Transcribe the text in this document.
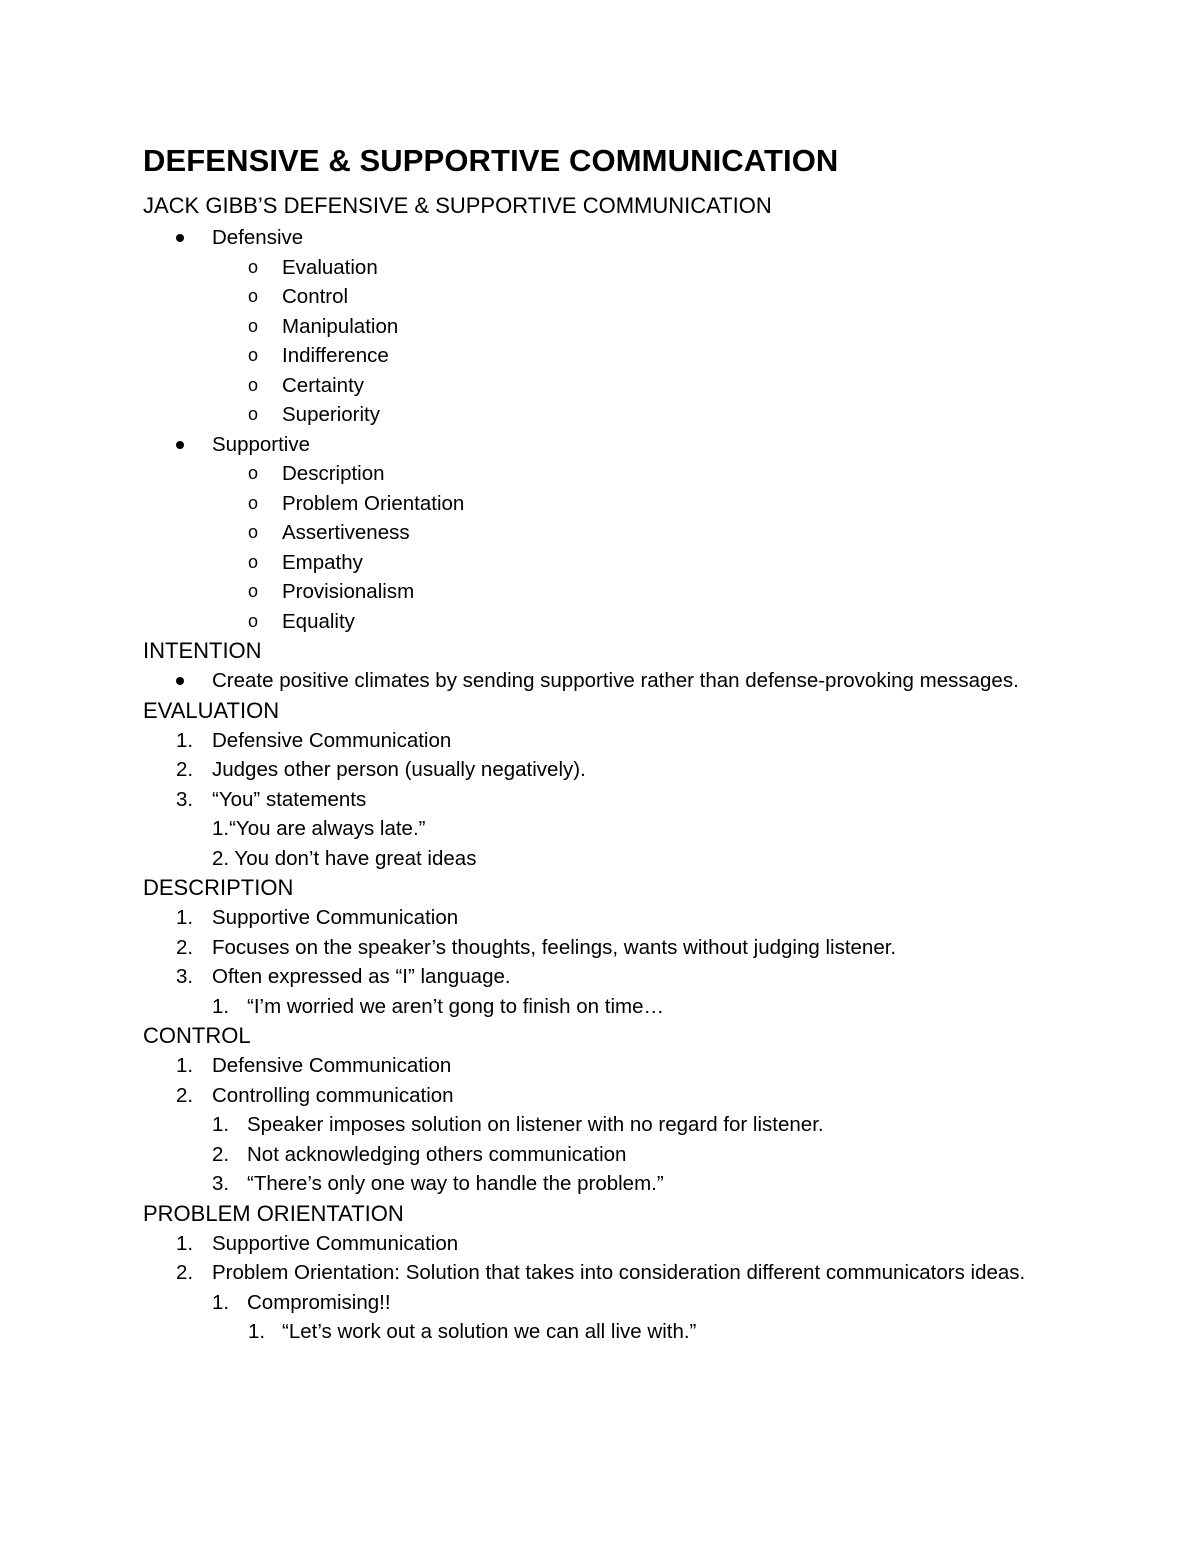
DEFENSIVE & SUPPORTIVE COMMUNICATION
JACK GIBB’S DEFENSIVE & SUPPORTIVE COMMUNICATION
Defensive
o Evaluation
o Control
o Manipulation
o Indifference
o Certainty
o Superiority
Supportive
o Description
o Problem Orientation
o Assertiveness
o Empathy
o Provisionalism
o Equality
INTENTION
Create positive climates by sending supportive rather than defense-provoking messages.
EVALUATION
1. Defensive Communication
2. Judges other person (usually negatively).
3. “You” statements
1.“You are always late.”
2. You don’t have great ideas
DESCRIPTION
1. Supportive Communication
2. Focuses on the speaker’s thoughts, feelings, wants without judging listener.
3. Often expressed as “I” language.
1. “I’m worried we aren’t gong to finish on time…
CONTROL
1. Defensive Communication
2. Controlling communication
1. Speaker imposes solution on listener with no regard for listener.
2. Not acknowledging others communication
3. “There’s only one way to handle the problem.”
PROBLEM ORIENTATION
1. Supportive Communication
2. Problem Orientation: Solution that takes into consideration different communicators ideas.
1. Compromising!!
1. “Let’s work out a solution we can all live with.”
